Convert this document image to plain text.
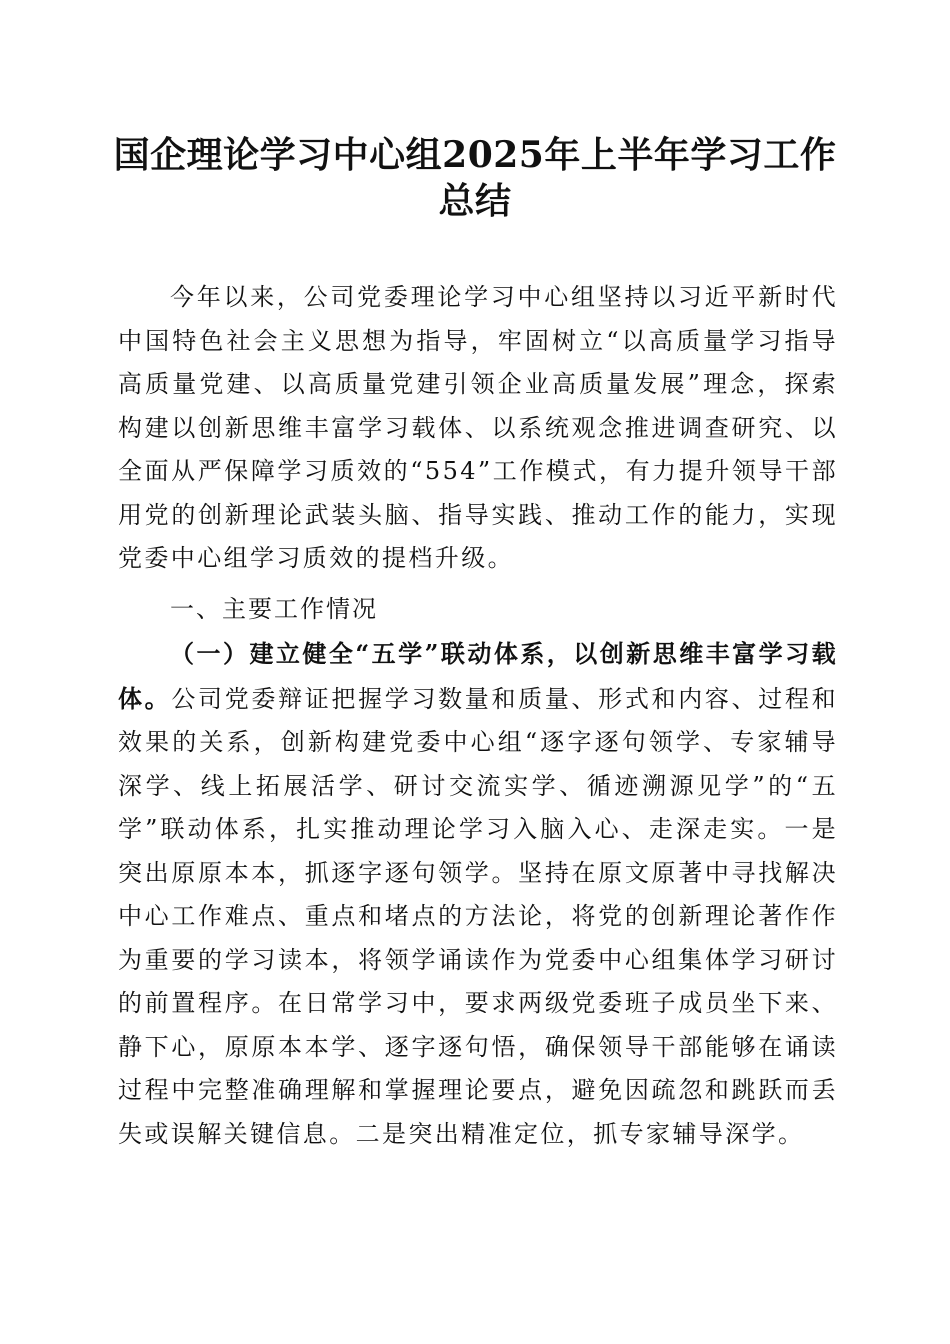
国企理论学习中心组2025年上半年学习工作
总结
今年以来，公司党委理论学习中心组坚持以习近平新时代中国特色社会主义思想为指导，牢固树立“以高质量学习指导高质量党建、以高质量党建引领企业高质量发展”理念，探索构建以创新思维丰富学习载体、以系统观念推进调查研究、以全面从严保障学习质效的“554”工作模式，有力提升领导干部用党的创新理论武装头脑、指导实践、推动工作的能力，实现党委中心组学习质效的提档升级。
一、主要工作情况
（一）建立健全“五学”联动体系，以创新思维丰富学习载体。公司党委辩证把握学习数量和质量、形式和内容、过程和效果的关系，创新构建党委中心组“逐字逐句领学、专家辅导深学、线上拓展活学、研讨交流实学、循迹溯源见学”的“五学”联动体系，扎实推动理论学习入脑入心、走深走实。一是突出原原本本，抓逐字逐句领学。坚持在原文原著中寻找解决中心工作难点、重点和堵点的方法论，将党的创新理论著作作为重要的学习读本，将领学诵读作为党委中心组集体学习研讨的前置程序。在日常学习中，要求两级党委班子成员坐下来、静下心，原原本本学、逐字逐句悟，确保领导干部能够在诵读过程中完整准确理解和掌握理论要点，避免因疏忽和跳跃而丢失或误解关键信息。二是突出精准定位，抓专家辅导深学。
